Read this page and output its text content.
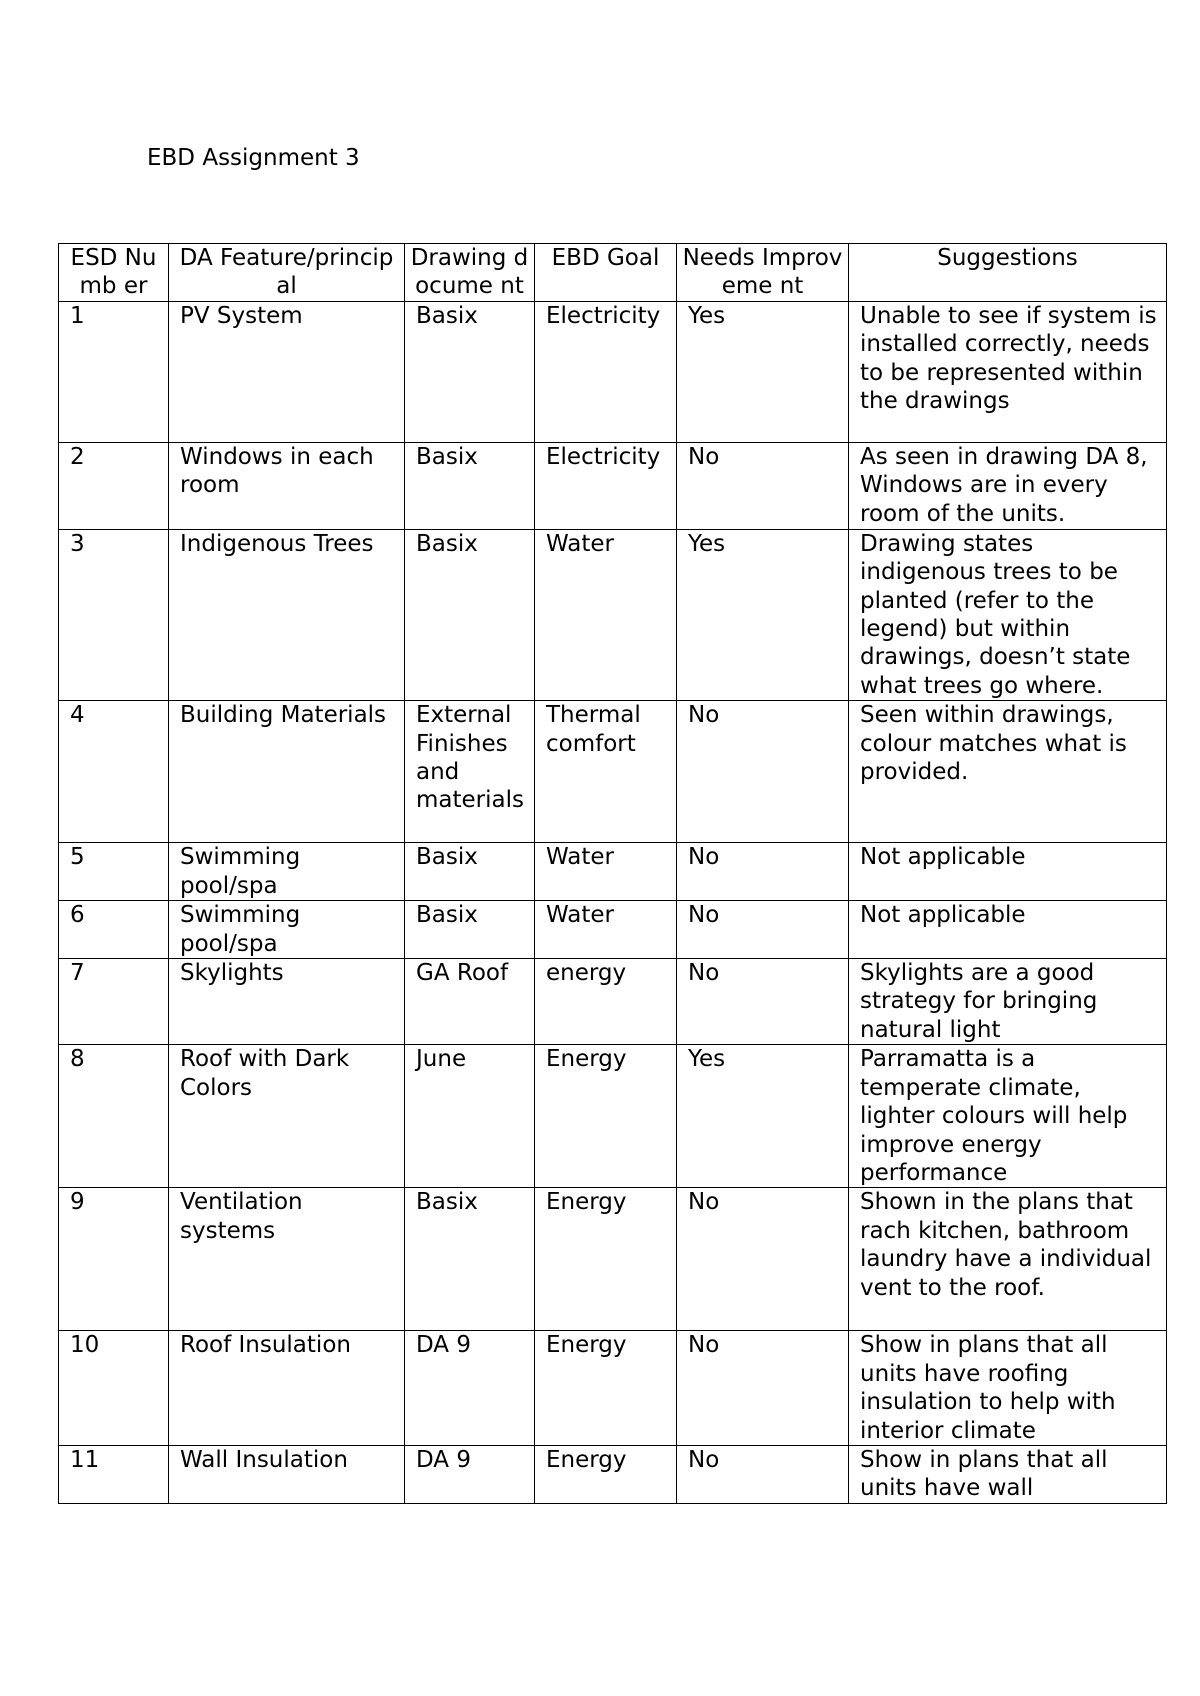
EBD Assignment 3
ESD Numb er	DA Feature/principal	Drawing docume nt	EBD Goal	Needs Improveme nt	Suggestions
1	PV System	Basix	Electricity	Yes	Unable to see if system is installed correctly, needs to be represented within the drawings
2	Windows in each room	Basix	Electricity	No	As seen in drawing DA 8, Windows are in every room of the units.
3	Indigenous Trees	Basix	Water	Yes	Drawing states indigenous trees to be planted (refer to the legend) but within drawings, doesn’t state what trees go where.
4	Building Materials	External Finishes and materials	Thermal comfort	No	Seen within drawings, colour matches what is provided.
5	Swimming pool/spa	Basix	Water	No	Not applicable
6	Swimming pool/spa	Basix	Water	No	Not applicable
7	Skylights	GA Roof	energy	No	Skylights are a good strategy for bringing natural light
8	Roof with Dark Colors	June	Energy	Yes	Parramatta is a temperate climate, lighter colours will help improve energy performance
9	Ventilation systems	Basix	Energy	No	Shown in the plans that rach kitchen, bathroom laundry have a individual vent to the roof.
10	Roof Insulation	DA 9	Energy	No	Show in plans that all units have roofing insulation to help with interior climate
11	Wall Insulation	DA 9	Energy	No	Show in plans that all units have wall
